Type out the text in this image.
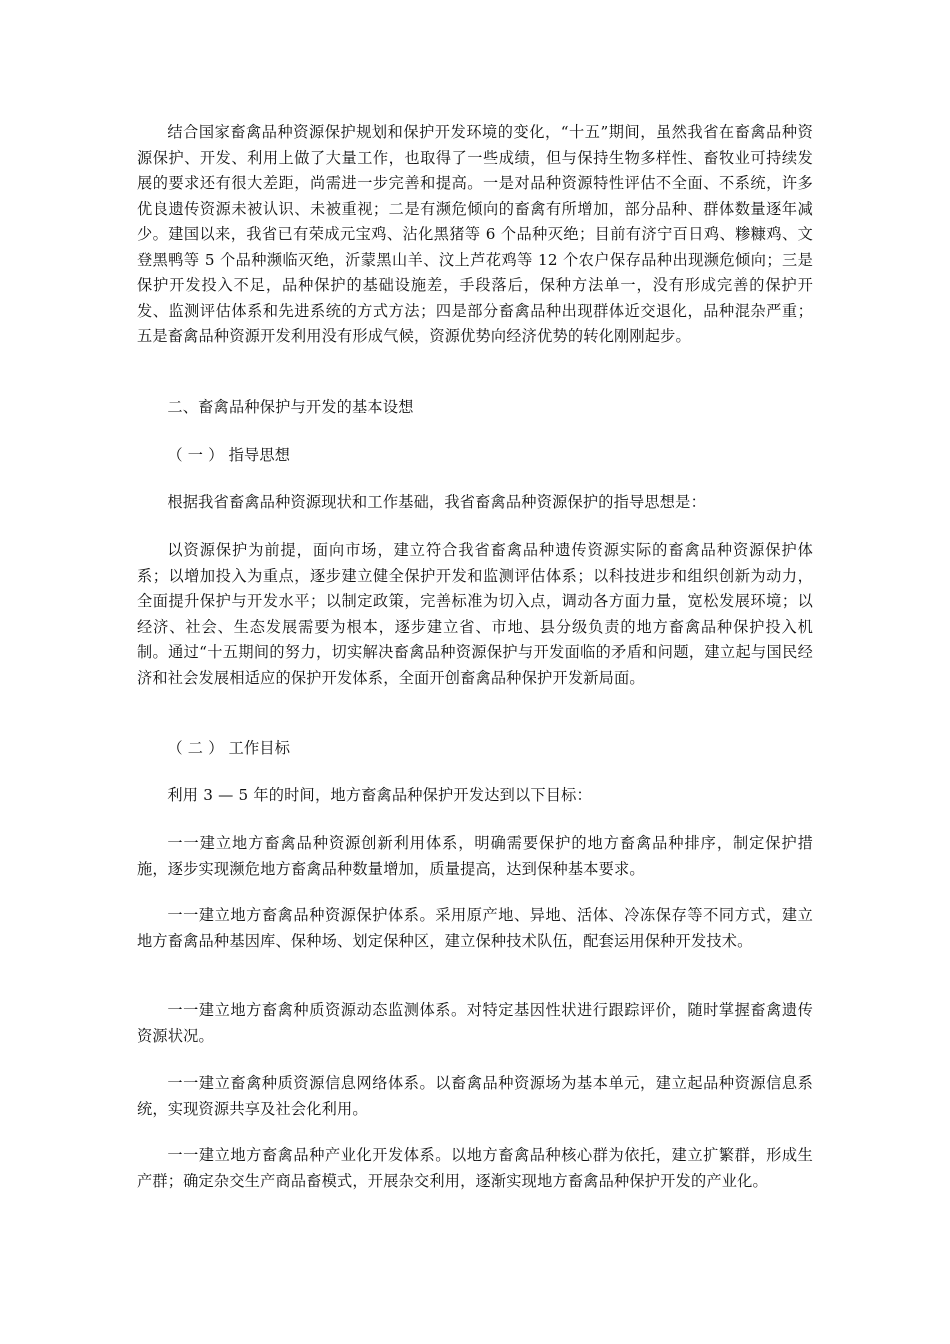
结合国家畜禽品种资源保护规划和保护开发环境的变化，“十五”期间，虽然我省在畜禽品种资源保护、开发、利用上做了大量工作，也取得了一些成绩，但与保持生物多样性、畜牧业可持续发展的要求还有很大差距，尚需进一步完善和提高。一是对品种资源特性评估不全面、不系统，许多优良遗传资源未被认识、未被重视；二是有濒危倾向的畜禽有所增加，部分品种、群体数量逐年减少。建国以来，我省已有荣成元宝鸡、沾化黑猪等 6 个品种灭绝；目前有济宁百日鸡、糁糠鸡、文登黑鸭等 5 个品种濒临灭绝，沂蒙黑山羊、汶上芦花鸡等 12 个农户保存品种出现濒危倾向；三是保护开发投入不足，品种保护的基础设施差，手段落后，保种方法单一，没有形成完善的保护开发、监测评估体系和先进系统的方式方法；四是部分畜禽品种出现群体近交退化，品种混杂严重；五是畜禽品种资源开发利用没有形成气候，资源优势向经济优势的转化刚刚起步。

二、畜禽品种保护与开发的基本设想

（ 一 ） 指导思想

根据我省畜禽品种资源现状和工作基础，我省畜禽品种资源保护的指导思想是：

以资源保护为前提，面向市场，建立符合我省畜禽品种遗传资源实际的畜禽品种资源保护体系；以增加投入为重点，逐步建立健全保护开发和监测评估体系；以科技进步和组织创新为动力，全面提升保护与开发水平；以制定政策，完善标准为切入点，调动各方面力量，宽松发展环境；以经济、社会、生态发展需要为根本，逐步建立省、市地、县分级负责的地方畜禽品种保护投入机制。通过“十五期间的努力，切实解决畜禽品种资源保护与开发面临的矛盾和问题，建立起与国民经济和社会发展相适应的保护开发体系，全面开创畜禽品种保护开发新局面。

（ 二 ） 工作目标

利用 3 — 5 年的时间，地方畜禽品种保护开发达到以下目标：

一一建立地方畜禽品种资源创新利用体系，明确需要保护的地方畜禽品种排序，制定保护措施，逐步实现濒危地方畜禽品种数量增加，质量提高，达到保种基本要求。

一一建立地方畜禽品种资源保护体系。采用原产地、异地、活体、冷冻保存等不同方式，建立地方畜禽品种基因库、保种场、划定保种区，建立保种技术队伍，配套运用保种开发技术。

一一建立地方畜禽种质资源动态监测体系。对特定基因性状进行跟踪评价，随时掌握畜禽遗传资源状况。

一一建立畜禽种质资源信息网络体系。以畜禽品种资源场为基本单元，建立起品种资源信息系统，实现资源共享及社会化利用。

一一建立地方畜禽品种产业化开发体系。以地方畜禽品种核心群为依托，建立扩繁群，形成生产群；确定杂交生产商品畜模式，开展杂交利用，逐渐实现地方畜禽品种保护开发的产业化。
